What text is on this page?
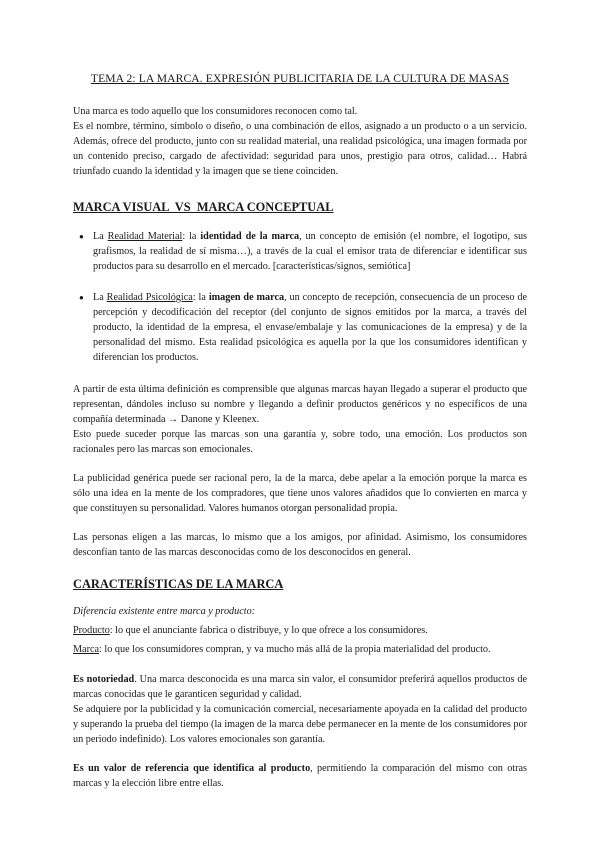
TEMA 2: LA MARCA. EXPRESIÓN PUBLICITARIA DE LA CULTURA DE MASAS

Una marca es todo aquello que los consumidores reconocen como tal.

Es el nombre, término, símbolo o diseño, o una combinación de ellos, asignado a un producto o a un servicio. Además, ofrece del producto, junto con su realidad material, una realidad psicológica, una imagen formada por un contenido preciso, cargado de afectividad: seguridad para unos, prestigio para otros, calidad… Habrá triunfado cuando la identidad y la imagen que se tiene coinciden.

MARCA VISUAL  VS  MARCA CONCEPTUAL
● La Realidad Material: la identidad de la marca, un concepto de emisión (el nombre, el logotipo, sus grafismos, la realidad de sí misma…), a través de la cual el emisor trata de diferenciar e identificar sus productos para su desarrollo en el mercado. [características/signos, semiótica]
● La Realidad Psicológica: la imagen de marca, un concepto de recepción, consecuencia de un proceso de percepción y decodificación del receptor (del conjunto de signos emitidos por la marca, a través del producto, la identidad de la empresa, el envase/embalaje y las comunicaciones de la empresa) y de la personalidad del mismo. Esta realidad psicológica es aquella por la que los consumidores identifican y diferencian los productos.

A partir de esta última definición es comprensible que algunas marcas hayan llegado a superar el producto que representan, dándoles incluso su nombre y llegando a definir productos genéricos y no específicos de una compañía determinada → Danone y Kleenex.

Esto puede suceder porque las marcas son una garantía y, sobre todo, una emoción. Los productos son racionales pero las marcas son emocionales.

La publicidad genérica puede ser racional pero, la de la marca, debe apelar a la emoción porque la marca es sólo una idea en la mente de los compradores, que tiene unos valores añadidos que lo convierten en marca y que constituyen su personalidad. Valores humanos otorgan personalidad propia.

Las personas eligen a las marcas, lo mismo que a los amigos, por afinidad. Asimismo, los consumidores desconfían tanto de las marcas desconocidas como de los desconocidos en general.

CARACTERÍSTICAS DE LA MARCA

Diferencia existente entre marca y producto:

Producto: lo que el anunciante fabrica o distribuye, y lo que ofrece a los consumidores.

Marca: lo que los consumidores compran, y va mucho más allá de la propia materialidad del producto.

Es notoriedad. Una marca desconocida es una marca sin valor, el consumidor preferirá aquellos productos de marcas conocidas que le garanticen seguridad y calidad.

Se adquiere por la publicidad y la comunicación comercial, necesariamente apoyada en la calidad del producto y superando la prueba del tiempo (la imagen de la marca debe permanecer en la mente de los consumidores por un periodo indefinido). Los valores emocionales son garantía.

Es un valor de referencia que identifica al producto, permitiendo la comparación del mismo con otras marcas y la elección libre entre ellas.
